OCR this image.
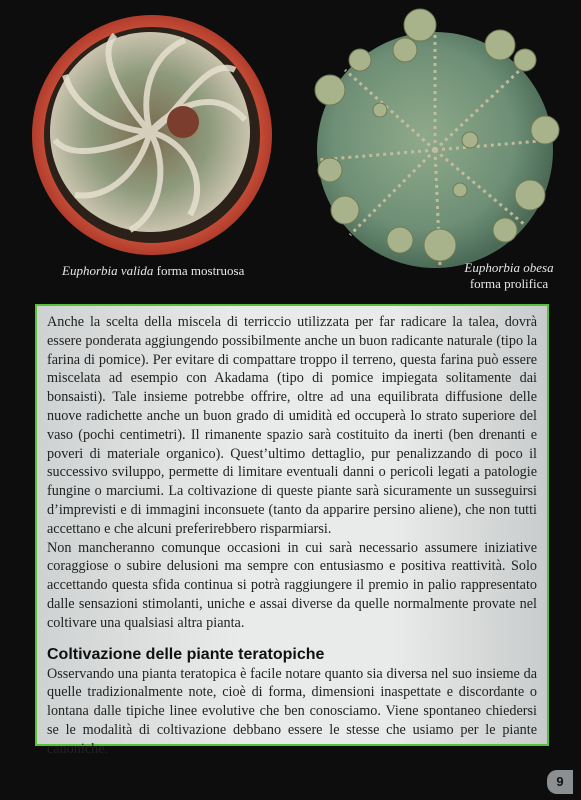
Euphorbia valida forma mostruosa	Euphorbia obesa
forma prolifica

Anche la scelta della miscela di terriccio utilizzata per far radicare la talea, dovrà essere ponderata aggiungendo possibilmente anche un buon radicante naturale (tipo la farina di pomice). Per evitare di compattare troppo il terreno, questa farina può essere miscelata ad esempio con Akadama (tipo di pomice impiegata solitamente dai bonsaisti). Tale insieme potrebbe offrire, oltre ad una equilibrata diffusione delle nuove radichette anche un buon grado di umidità ed occuperà lo strato superiore del vaso (pochi centimetri). Il rimanente spazio sarà costituito da inerti (ben drenanti e poveri di materiale organico). Quest’ultimo dettaglio, pur penalizzando di poco il successivo sviluppo, permette di limitare eventuali danni o pericoli legati a patologie fungine o marciumi. La coltivazione di queste piante sarà sicuramente un susseguirsi d’imprevisti e di immagini inconsuete (tanto da apparire persino aliene), che non tutti accettano e che alcuni preferirebbero risparmiarsi.

Non mancheranno comunque occasioni in cui sarà necessario assumere iniziative coraggiose o subire delusioni ma sempre con entusiasmo e positiva reattività. Solo accettando questa sfida continua si potrà raggiungere il premio in palio rappresentato dalle sensazioni stimolanti, uniche e assai diverse da quelle normalmente provate nel coltivare una qualsiasi altra pianta.

Coltivazione delle piante teratopiche

Osservando una pianta teratopica è facile notare quanto sia diversa nel suo insieme da quelle tradizionalmente note, cioè di forma, dimensioni inaspettate e discordante o lontana dalle tipiche linee evolutive che ben conosciamo. Viene spontaneo chiedersi se le modalità di coltivazione debbano essere le stesse che usiamo per le piante canoniche.

9
